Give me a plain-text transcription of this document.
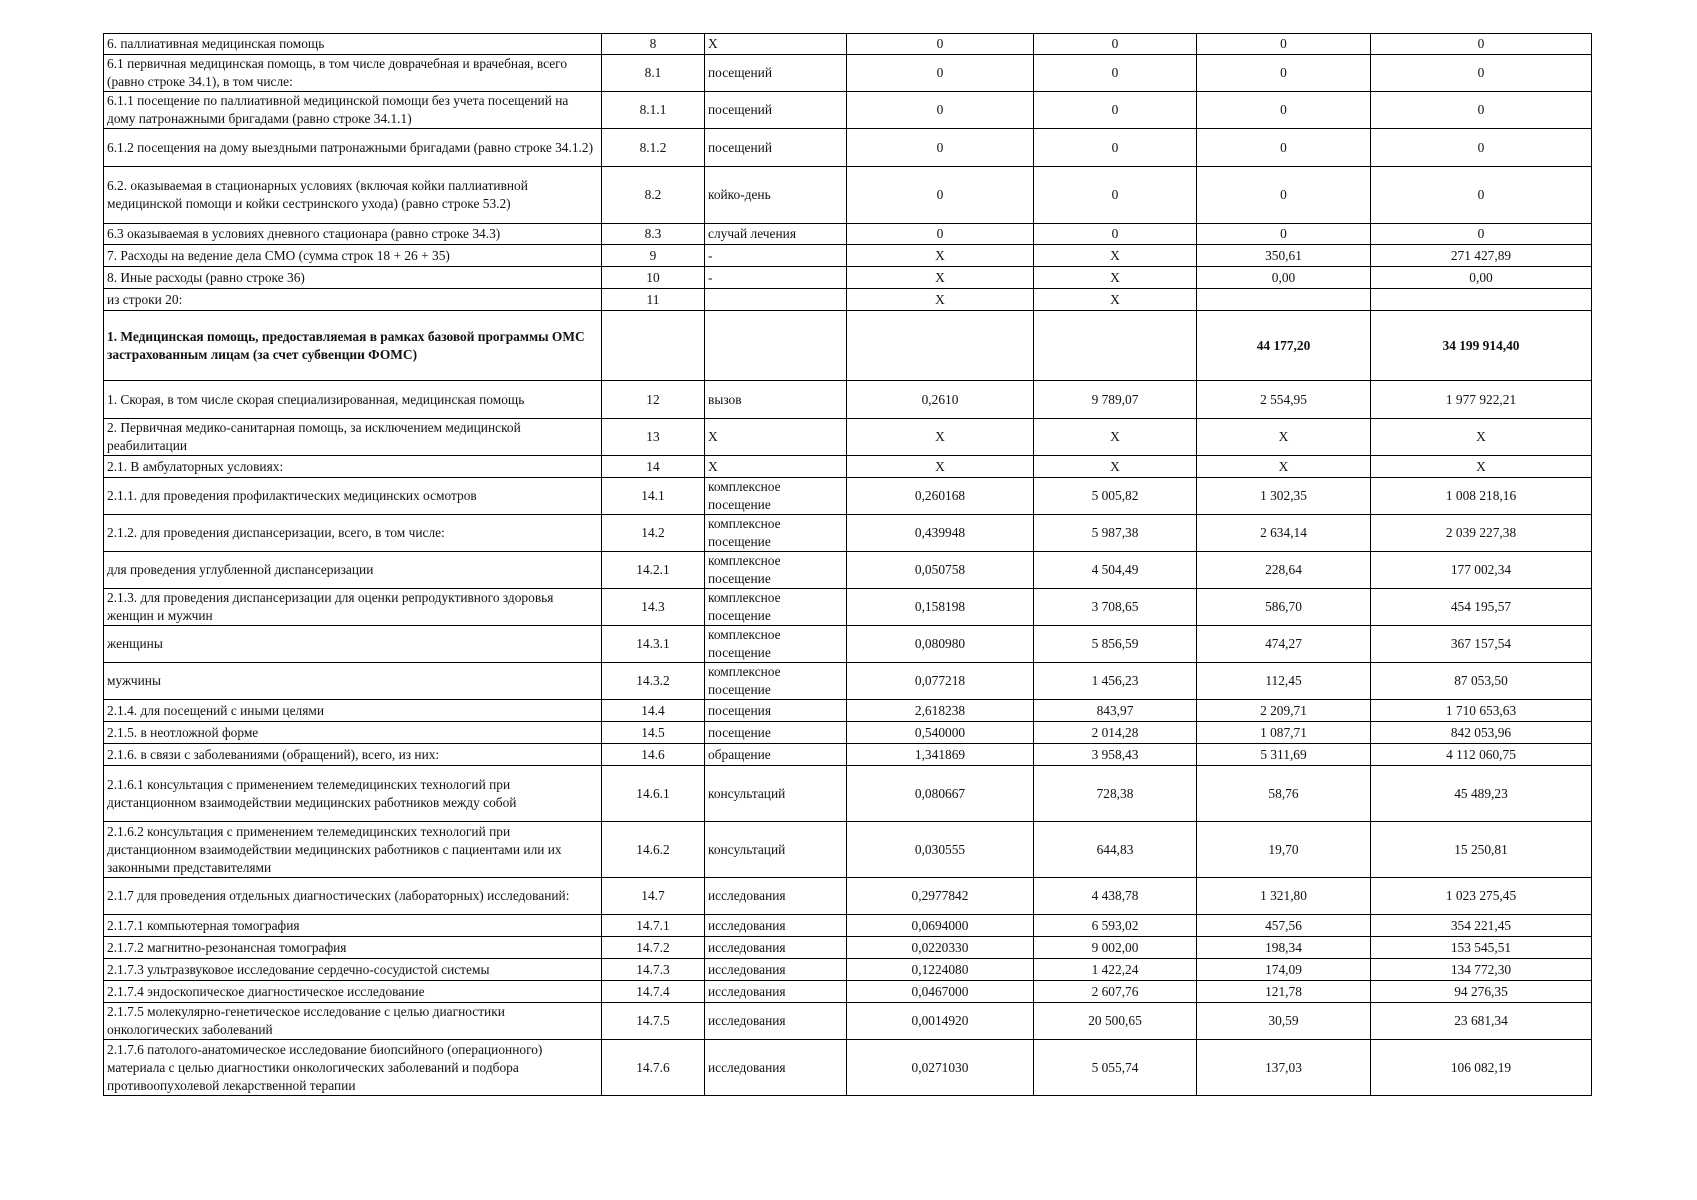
6. паллиативная медицинская помощь	8	Х	0	0	0	0
6.1 первичная медицинская помощь, в том числе доврачебная и врачебная, всего (равно строке 34.1), в том числе:	8.1	посещений	0	0	0	0
6.1.1 посещение по паллиативной медицинской помощи без учета посещений на дому патронажными бригадами (равно строке 34.1.1)	8.1.1	посещений	0	0	0	0
6.1.2 посещения на дому выездными патронажными бригадами (равно строке 34.1.2)	8.1.2	посещений	0	0	0	0
6.2. оказываемая в стационарных условиях (включая койки паллиативной медицинской помощи и койки сестринского ухода) (равно строке 53.2)	8.2	койко-день	0	0	0	0
6.3 оказываемая в условиях дневного стационара (равно строке 34.3)	8.3	случай лечения	0	0	0	0
7. Расходы на ведение дела СМО (сумма строк 18 + 26 + 35)	9	-	Х	Х	350,61	271 427,89
8. Иные расходы (равно строке 36)	10	-	Х	Х	0,00	0,00
из строки 20:	11		Х	Х		
1. Медицинская помощь, предоставляемая в рамках базовой программы ОМС застрахованным лицам (за счет субвенции ФОМС)					44 177,20	34 199 914,40
1. Скорая, в том числе скорая специализированная, медицинская помощь	12	вызов	0,2610	9 789,07	2 554,95	1 977 922,21
2. Первичная медико-санитарная помощь, за исключением медицинской реабилитации	13	Х	Х	Х	Х	Х
2.1. В амбулаторных условиях:	14	Х	Х	Х	Х	Х
2.1.1. для проведения профилактических медицинских осмотров	14.1	комплексное посещение	0,260168	5 005,82	1 302,35	1 008 218,16
2.1.2. для проведения диспансеризации, всего, в том числе:	14.2	комплексное посещение	0,439948	5 987,38	2 634,14	2 039 227,38
для проведения углубленной диспансеризации	14.2.1	комплексное посещение	0,050758	4 504,49	228,64	177 002,34
2.1.3. для проведения диспансеризации для оценки репродуктивного здоровья женщин и мужчин	14.3	комплексное посещение	0,158198	3 708,65	586,70	454 195,57
женщины	14.3.1	комплексное посещение	0,080980	5 856,59	474,27	367 157,54
мужчины	14.3.2	комплексное посещение	0,077218	1 456,23	112,45	87 053,50
2.1.4. для посещений с иными целями	14.4	посещения	2,618238	843,97	2 209,71	1 710 653,63
2.1.5. в неотложной форме	14.5	посещение	0,540000	2 014,28	1 087,71	842 053,96
2.1.6. в связи с заболеваниями (обращений), всего, из них:	14.6	обращение	1,341869	3 958,43	5 311,69	4 112 060,75
2.1.6.1 консультация с применением телемедицинских технологий при дистанционном взаимодействии медицинских работников между собой	14.6.1	консультаций	0,080667	728,38	58,76	45 489,23
2.1.6.2 консультация с применением телемедицинских технологий при дистанционном взаимодействии медицинских работников с пациентами или их законными представителями	14.6.2	консультаций	0,030555	644,83	19,70	15 250,81
2.1.7 для проведения отдельных диагностических (лабораторных) исследований:	14.7	исследования	0,2977842	4 438,78	1 321,80	1 023 275,45
2.1.7.1 компьютерная томография	14.7.1	исследования	0,0694000	6 593,02	457,56	354 221,45
2.1.7.2 магнитно-резонансная томография	14.7.2	исследования	0,0220330	9 002,00	198,34	153 545,51
2.1.7.3 ультразвуковое исследование сердечно-сосудистой системы	14.7.3	исследования	0,1224080	1 422,24	174,09	134 772,30
2.1.7.4 эндоскопическое диагностическое исследование	14.7.4	исследования	0,0467000	2 607,76	121,78	94 276,35
2.1.7.5 молекулярно-генетическое исследование с целью диагностики онкологических заболеваний	14.7.5	исследования	0,0014920	20 500,65	30,59	23 681,34
2.1.7.6 патолого-анатомическое исследование биопсийного (операционного) материала с целью диагностики онкологических заболеваний и подбора противоопухолевой лекарственной терапии	14.7.6	исследования	0,0271030	5 055,74	137,03	106 082,19
